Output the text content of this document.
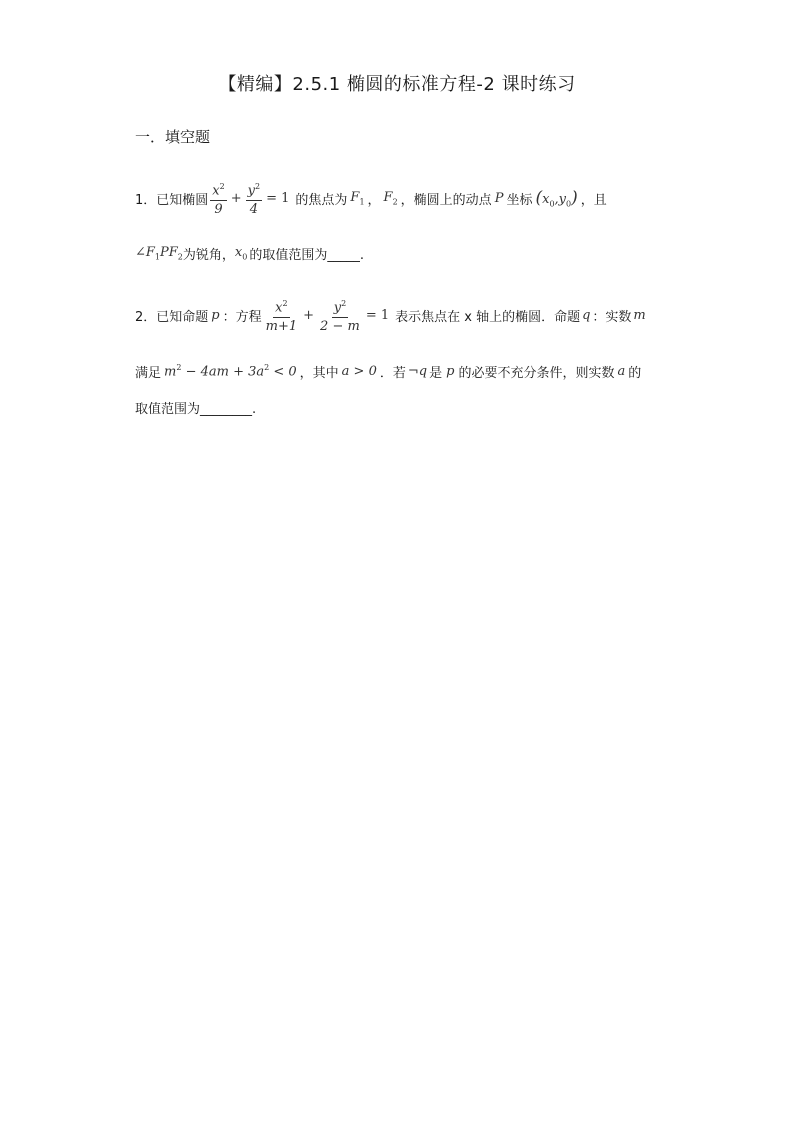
【精编】2.5.1 椭圆的标准方程-2 课时练习
一．填空题
1． 已知椭圆 $\frac{x^2}{9} + \frac{y^2}{4} = 1$ 的焦点为 $F_1$ ， $F_2$ ，椭圆上的动点 P 坐标 $(x_0,y_0)$ ，且
$\angle F_1PF_2$ 为锐角， $x_0$ 的取值范围为_____.
2． 已知命题 p ：方程 $\frac{x^2}{m+1} + \frac{y^2}{2 - m} = 1$ 表示焦点在 x 轴上的椭圆．命题 q ：实数 m
满足 $m^2 - 4am + 3a^2 < 0$ ，其中 a > 0 ．若 ¬q 是 p 的必要不充分条件，则实数 a 的
取值范围为________.
